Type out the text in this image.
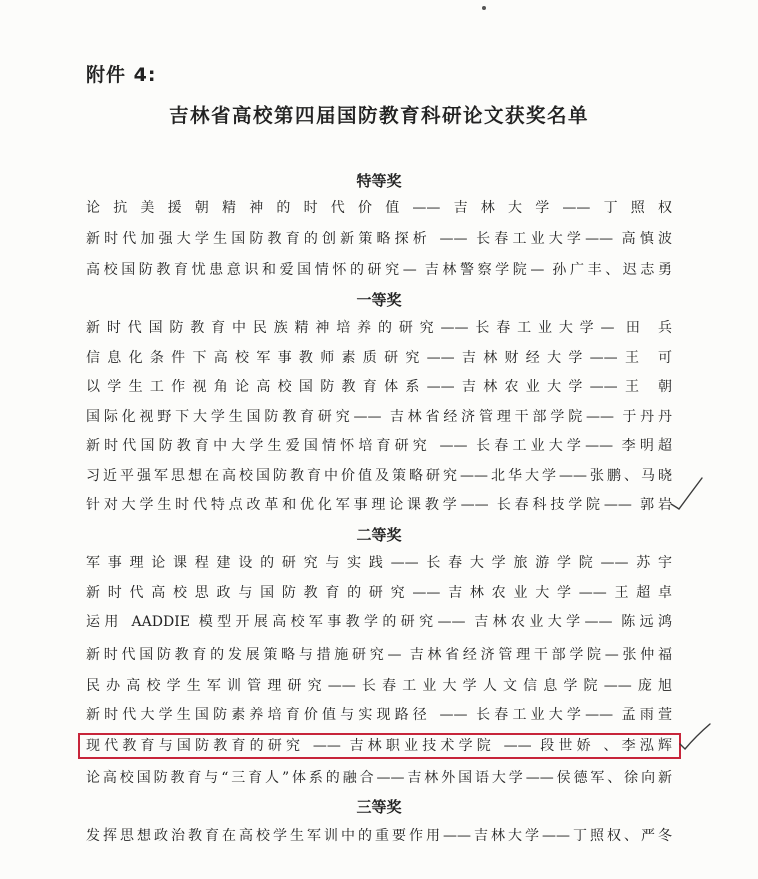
附件 4:
吉林省高校第四届国防教育科研论文获奖名单
特等奖
论抗美援朝精神的时代价值——吉林大学——丁照权
新时代加强大学生国防教育的创新策略探析 —— 长春工业大学—— 高慎波
高校国防教育忧患意识和爱国情怀的研究— 吉林警察学院— 孙广丰、迟志勇
一等奖
新时代国防教育中民族精神培养的研究——长春工业大学— 田 兵
信息化条件下高校军事教师素质研究——吉林财经大学——王 可
以学生工作视角论高校国防教育体系——吉林农业大学——王 朝
国际化视野下大学生国防教育研究—— 吉林省经济管理干部学院—— 于丹丹
新时代国防教育中大学生爱国情怀培育研究 —— 长春工业大学—— 李明超
习近平强军思想在高校国防教育中价值及策略研究——北华大学——张鹏、马晓
针对大学生时代特点改革和优化军事理论课教学—— 长春科技学院—— 郭岩
二等奖
军事理论课程建设的研究与实践——长春大学旅游学院——苏宇
新时代高校思政与国防教育的研究——吉林农业大学——王超卓
运用 AADDIE 模型开展高校军事教学的研究—— 吉林农业大学—— 陈远鸿
新时代国防教育的发展策略与措施研究— 吉林省经济管理干部学院—张仲福
民办高校学生军训管理研究——长春工业大学人文信息学院——庞旭
新时代大学生国防素养培育价值与实现路径 —— 长春工业大学—— 孟雨萱
现代教育与国防教育的研究 —— 吉林职业技术学院 —— 段世娇 、李泓辉
论高校国防教育与“三育人”体系的融合——吉林外国语大学——侯德军、徐向新
三等奖
发挥思想政治教育在高校学生军训中的重要作用——吉林大学——丁照权、严冬
